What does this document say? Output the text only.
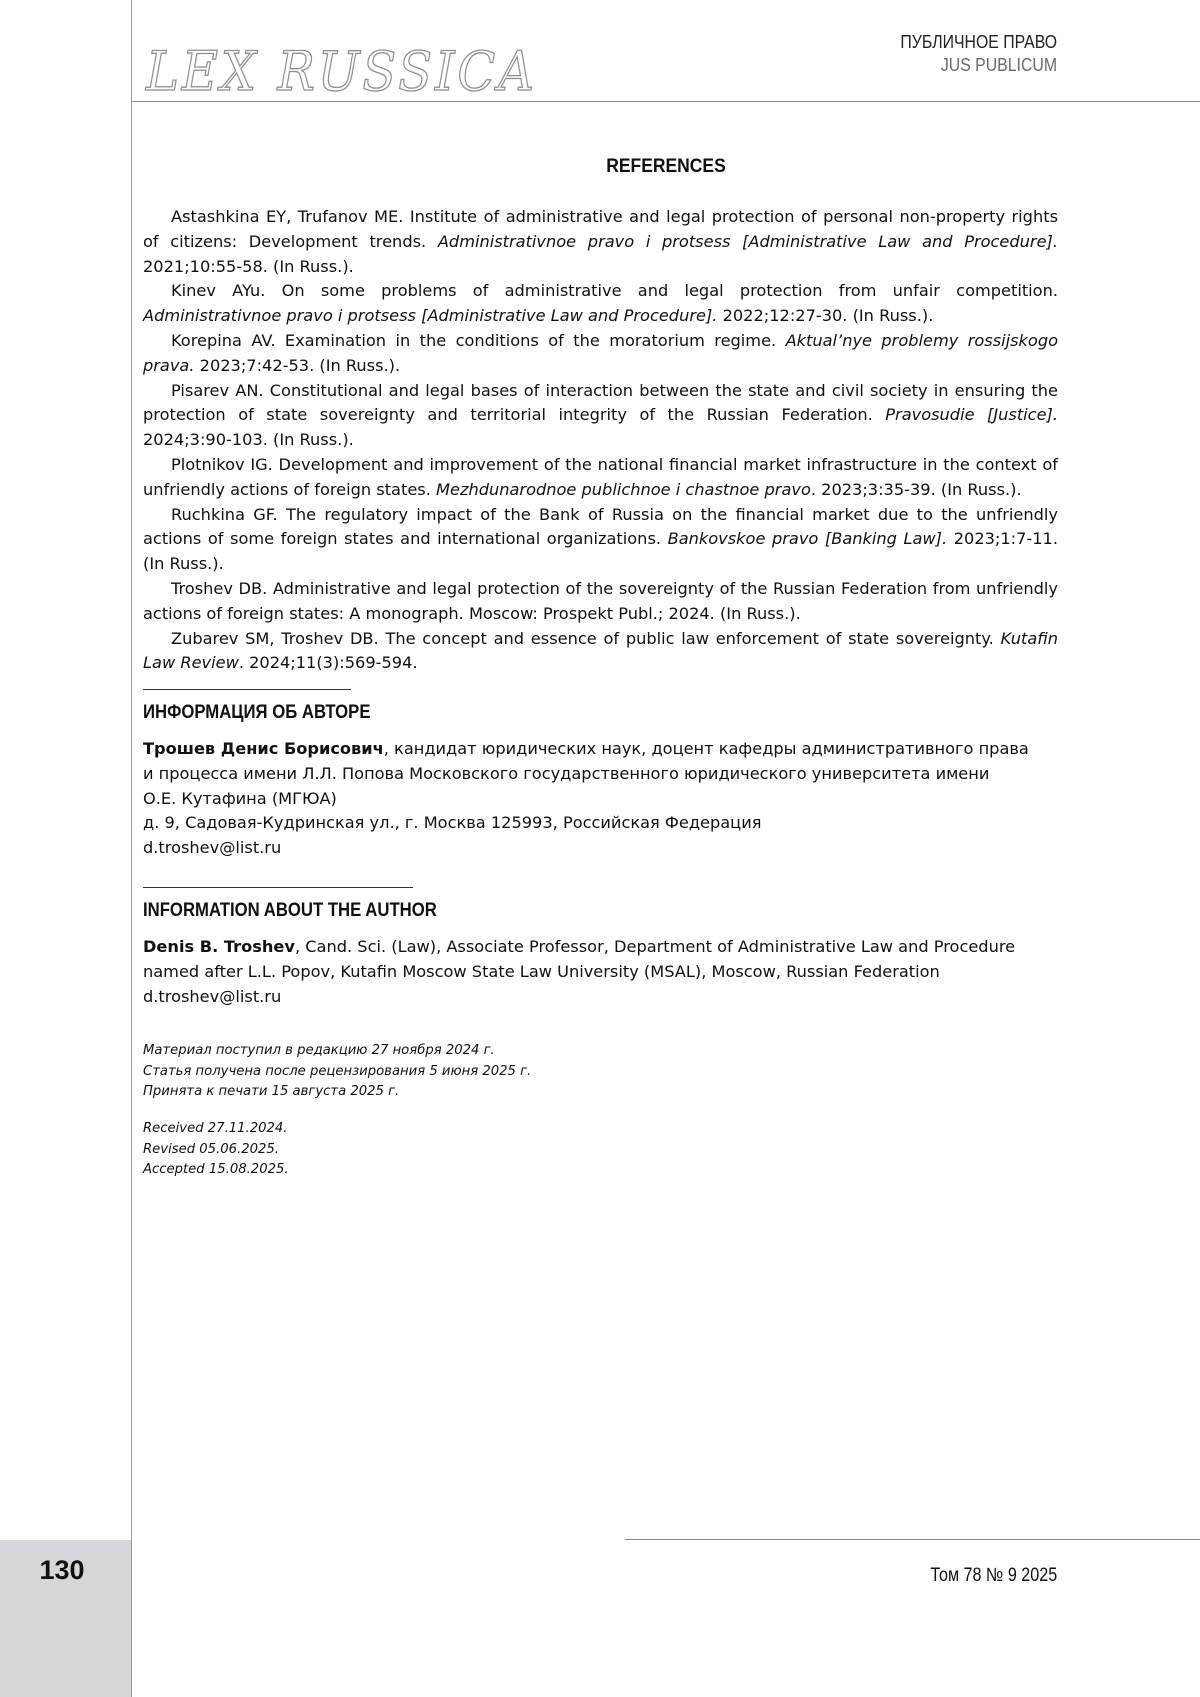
130
LEX RUSSICA	ПУБЛИЧНОЕ ПРАВО
JUS PUBLICUM
REFERENCES

Astashkina EY, Trufanov ME. Institute of administrative and legal protection of personal non-property rights of citizens: Development trends. Administrativnoe pravo i protsess [Administrative Law and Procedure]. 2021;10:55-58. (In Russ.).

Kinev AYu. On some problems of administrative and legal protection from unfair competition. Administrativnoe pravo i protsess [Administrative Law and Procedure]. 2022;12:27-30. (In Russ.).

Korepina AV. Examination in the conditions of the moratorium regime. Aktual’nye problemy rossijskogo prava. 2023;7:42-53. (In Russ.).

Pisarev AN. Constitutional and legal bases of interaction between the state and civil society in ensuring the protection of state sovereignty and territorial integrity of the Russian Federation. Pravosudie [Justice]. 2024;3:90-103. (In Russ.).

Plotnikov IG. Development and improvement of the national financial market infrastructure in the context of unfriendly actions of foreign states. Mezhdunarodnoe publichnoe i chastnoe pravo. 2023;3:35-39. (In Russ.).

Ruchkina GF. The regulatory impact of the Bank of Russia on the financial market due to the unfriendly actions of some foreign states and international organizations. Bankovskoe pravo [Banking Law]. 2023;1:7-11. (In Russ.).

Troshev DB. Administrative and legal protection of the sovereignty of the Russian Federation from unfriendly actions of foreign states: A monograph. Moscow: Prospekt Publ.; 2024. (In Russ.).

Zubarev SM, Troshev DB. The concept and essence of public law enforcement of state sovereignty. Kutafin Law Review. 2024;11(3):569-594.

ИНФОРМАЦИЯ ОБ АВТОРЕ

Трошев Денис Борисович, кандидат юридических наук, доцент кафедры административного права

и процесса имени Л.Л. Попова Московского государственного юридического университета имени

О.Е. Кутафина (МГЮА)

д. 9, Садовая-Кудринская ул., г. Москва 125993, Российская Федерация

d.troshev@list.ru

INFORMATION ABOUT THE AUTHOR

Denis B. Troshev, Cand. Sci. (Law), Associate Professor, Department of Administrative Law and Procedure

named after L.L. Popov, Kutafin Moscow State Law University (MSAL), Moscow, Russian Federation

d.troshev@list.ru

Материал поступил в редакцию 27 ноября 2024 г.

Статья получена после рецензирования 5 июня 2025 г.

Принята к печати 15 августа 2025 г.

Received 27.11.2024.

Revised 05.06.2025.

Accepted 15.08.2025.

Том 78 № 9 2025
